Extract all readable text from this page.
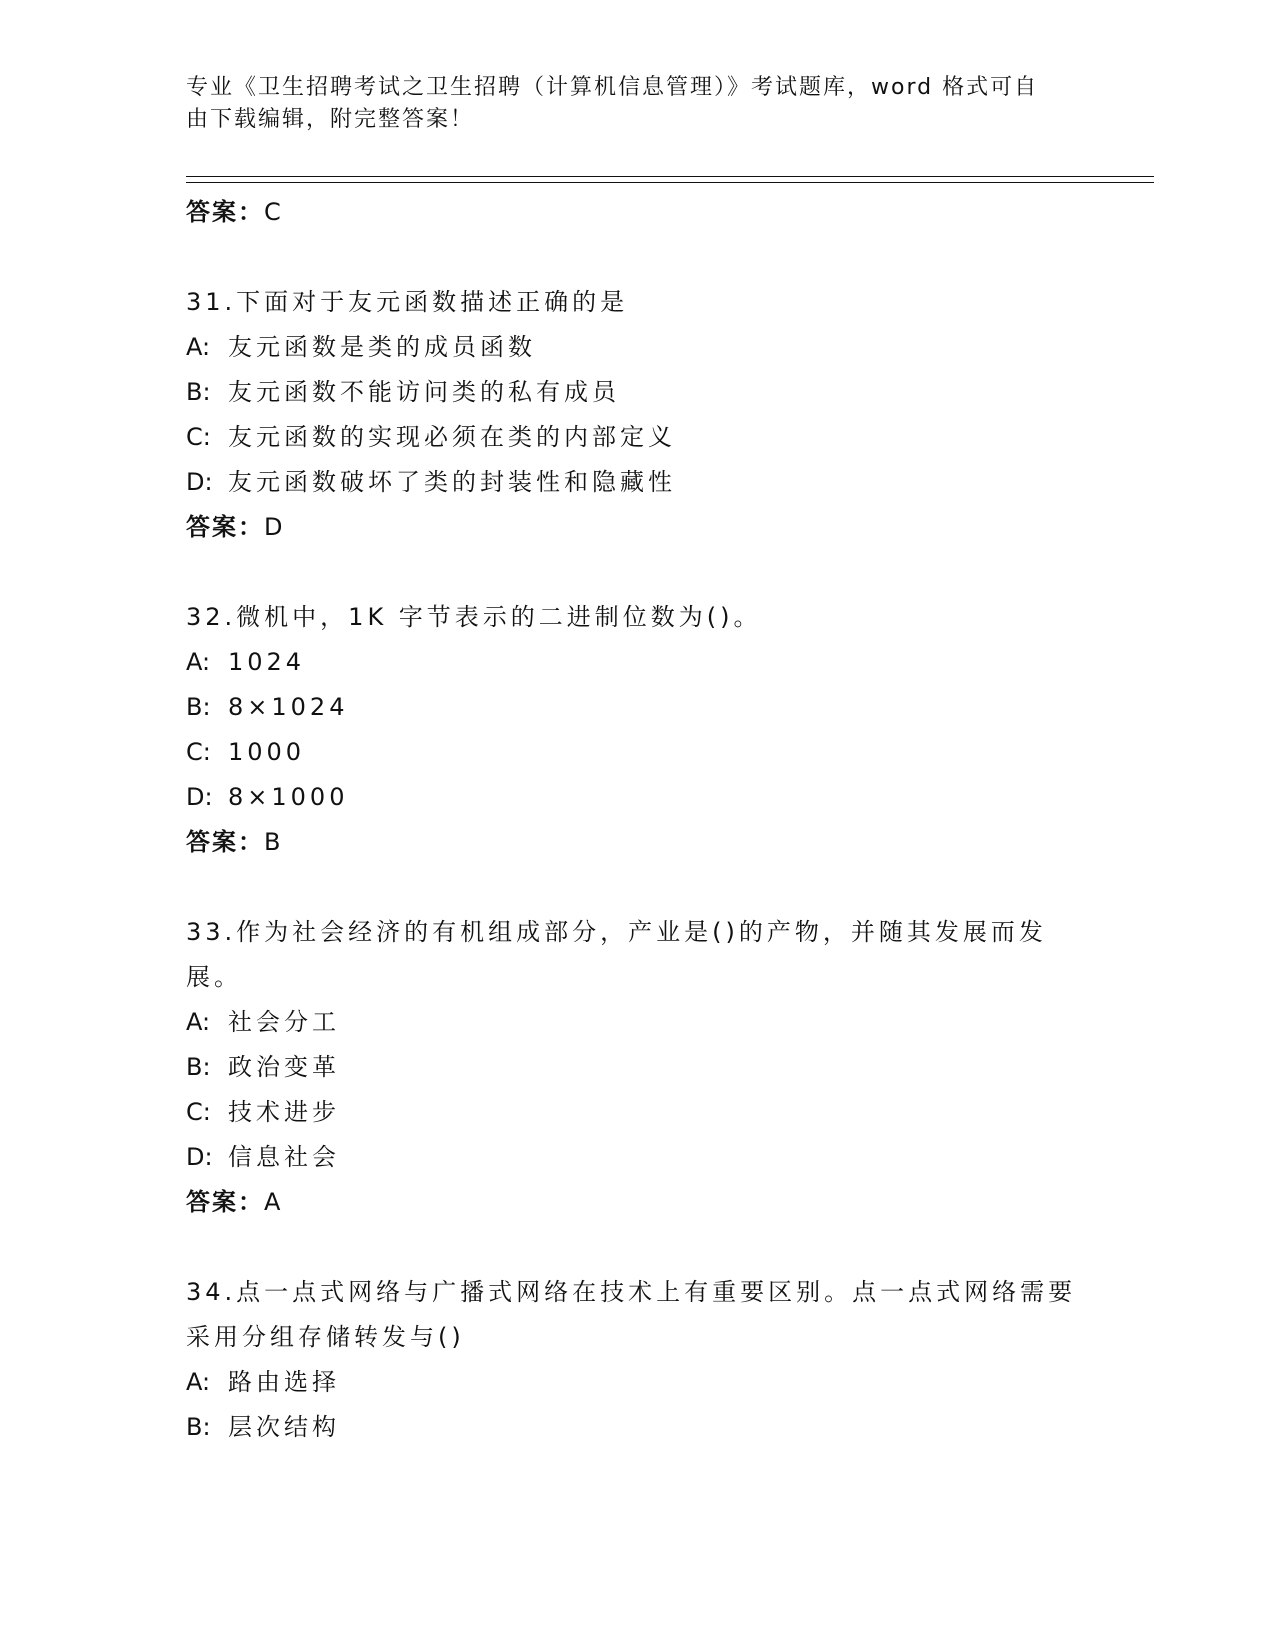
专业《卫生招聘考试之卫生招聘（计算机信息管理）》考试题库，word 格式可自
由下载编辑，附完整答案！
答案：C
31.下面对于友元函数描述正确的是
A: 友元函数是类的成员函数
B: 友元函数不能访问类的私有成员
C: 友元函数的实现必须在类的内部定义
D: 友元函数破坏了类的封装性和隐藏性
答案：D
32.微机中，1K 字节表示的二进制位数为()。
A: 1024
B: 8×1024
C: 1000
D: 8×1000
答案：B
33.作为社会经济的有机组成部分，产业是()的产物，并随其发展而发展。
A: 社会分工
B: 政治变革
C: 技术进步
D: 信息社会
答案：A
34.点一点式网络与广播式网络在技术上有重要区别。点一点式网络需要采用分组存储转发与()
A: 路由选择
B: 层次结构
